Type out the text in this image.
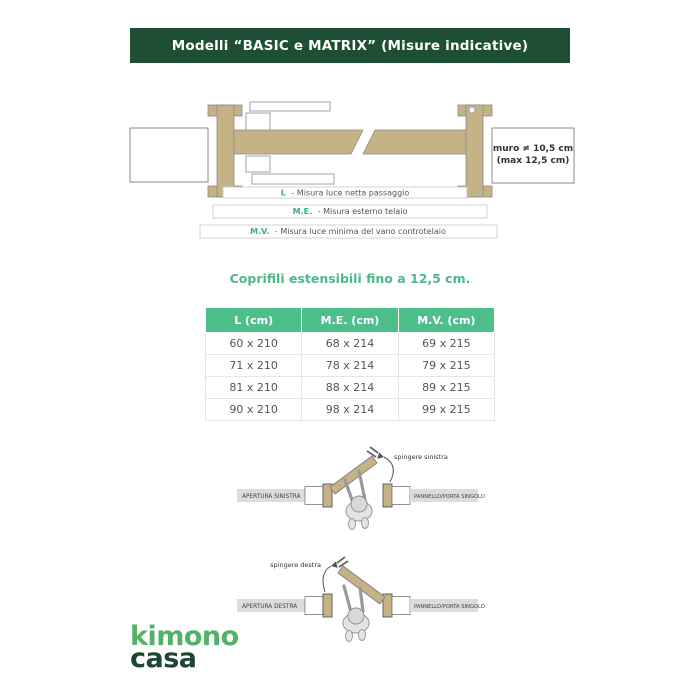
Modelli “BASIC e MATRIX” (Misure indicative)
muro ≠ 10,5 cm
(max 12,5 cm)
L - Misura luce netta passaggio
M.E. - Misura esterno telaio
M.V. - Misura luce minima del vano controtelaio
Coprifili estensibili fino a 12,5 cm.
L (cm)	M.E. (cm)	M.V. (cm)
60 x 210	68 x 214	69 x 215
71 x 210	78 x 214	79 x 215
81 x 210	88 x 214	89 x 215
90 x 210	98 x 214	99 x 215
APERTURA SINISTRA	PANNELLO/PORTA SINGOLO
spingere sinistra
APERTURA DESTRA	PANNELLO/PORTA SINGOLO
spingere destra
kimono
casa
